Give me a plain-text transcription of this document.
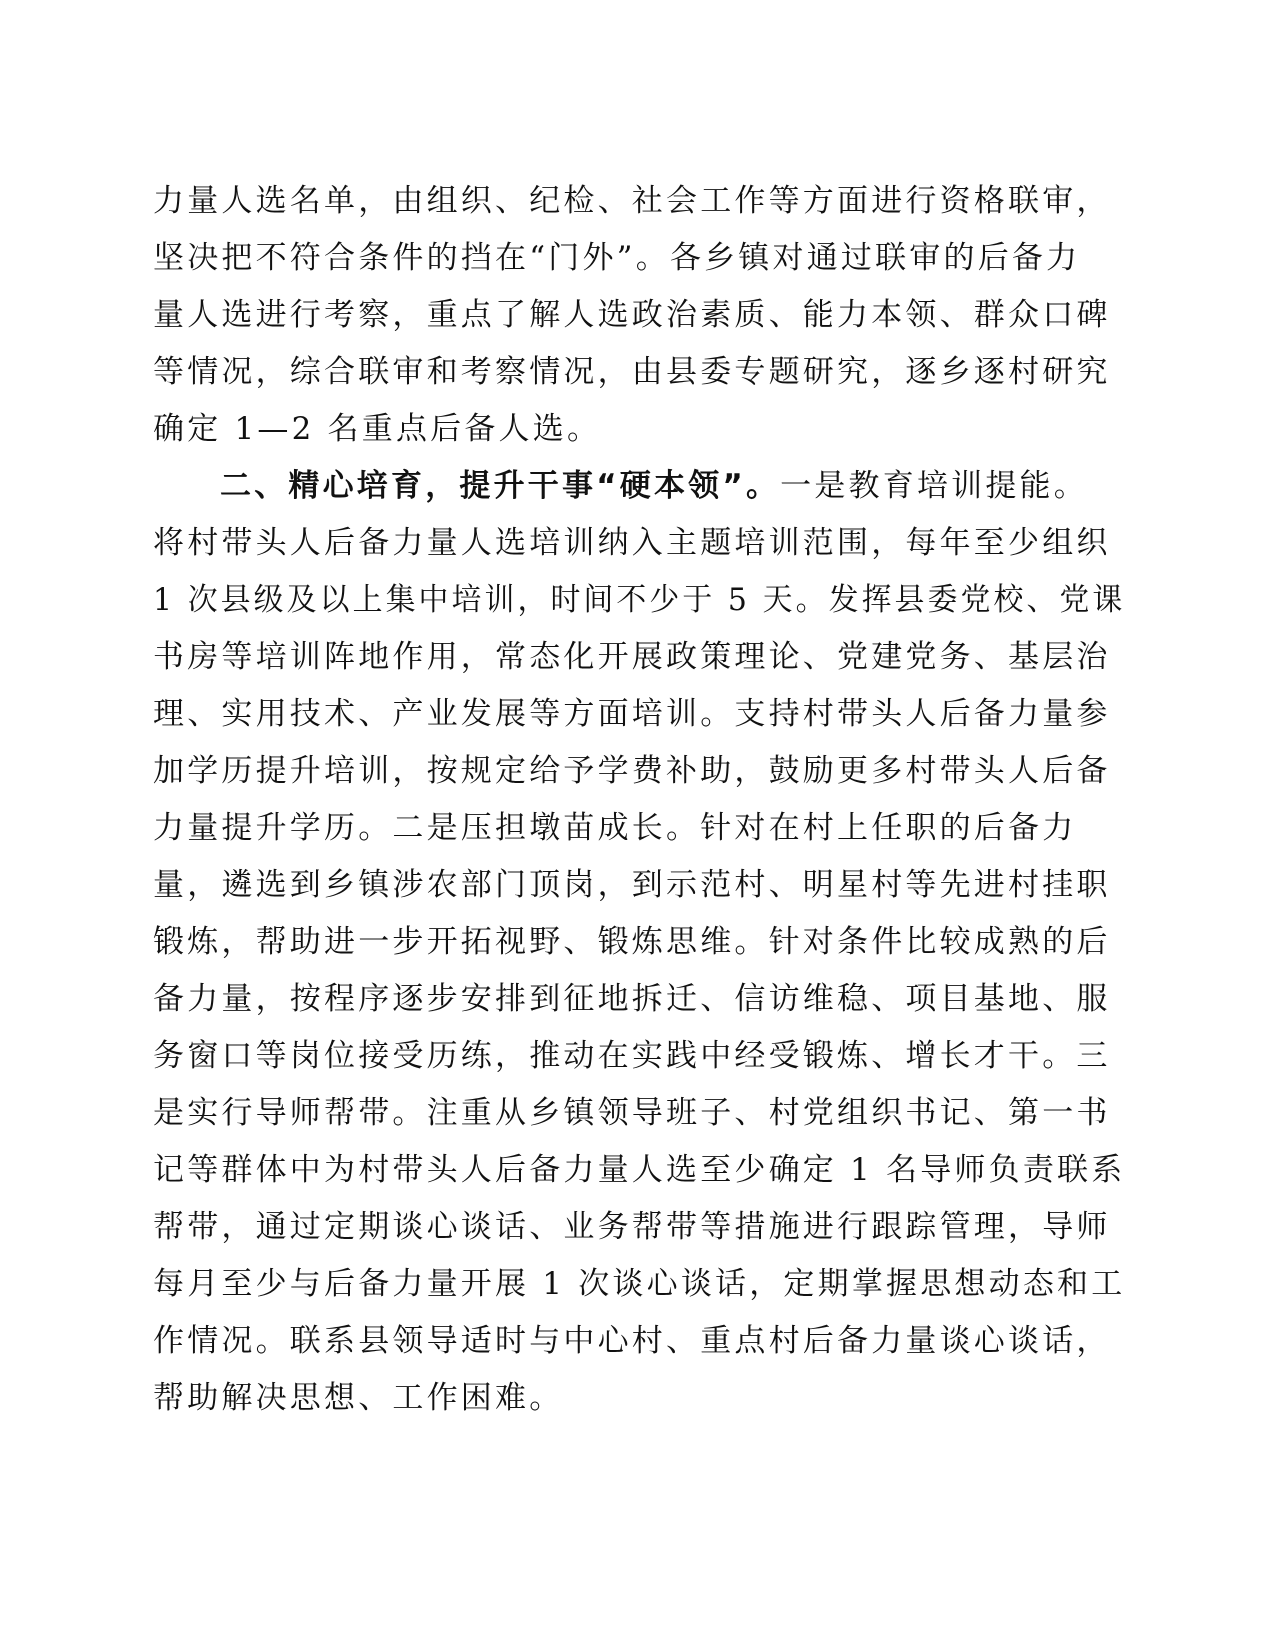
力量人选名单，由组织、纪检、社会工作等方面进行资格联审，
坚决把不符合条件的挡在“门外”。各乡镇对通过联审的后备力
量人选进行考察，重点了解人选政治素质、能力本领、群众口碑
等情况，综合联审和考察情况，由县委专题研究，逐乡逐村研究
确定 1—2 名重点后备人选。
二、精心培育，提升干事“硬本领”。一是教育培训提能。
将村带头人后备力量人选培训纳入主题培训范围，每年至少组织
1 次县级及以上集中培训，时间不少于 5 天。发挥县委党校、党课
书房等培训阵地作用，常态化开展政策理论、党建党务、基层治
理、实用技术、产业发展等方面培训。支持村带头人后备力量参
加学历提升培训，按规定给予学费补助，鼓励更多村带头人后备
力量提升学历。二是压担墩苗成长。针对在村上任职的后备力
量，遴选到乡镇涉农部门顶岗，到示范村、明星村等先进村挂职
锻炼，帮助进一步开拓视野、锻炼思维。针对条件比较成熟的后
备力量，按程序逐步安排到征地拆迁、信访维稳、项目基地、服
务窗口等岗位接受历练，推动在实践中经受锻炼、增长才干。三
是实行导师帮带。注重从乡镇领导班子、村党组织书记、第一书
记等群体中为村带头人后备力量人选至少确定 1 名导师负责联系
帮带，通过定期谈心谈话、业务帮带等措施进行跟踪管理，导师
每月至少与后备力量开展 1 次谈心谈话，定期掌握思想动态和工
作情况。联系县领导适时与中心村、重点村后备力量谈心谈话，
帮助解决思想、工作困难。
